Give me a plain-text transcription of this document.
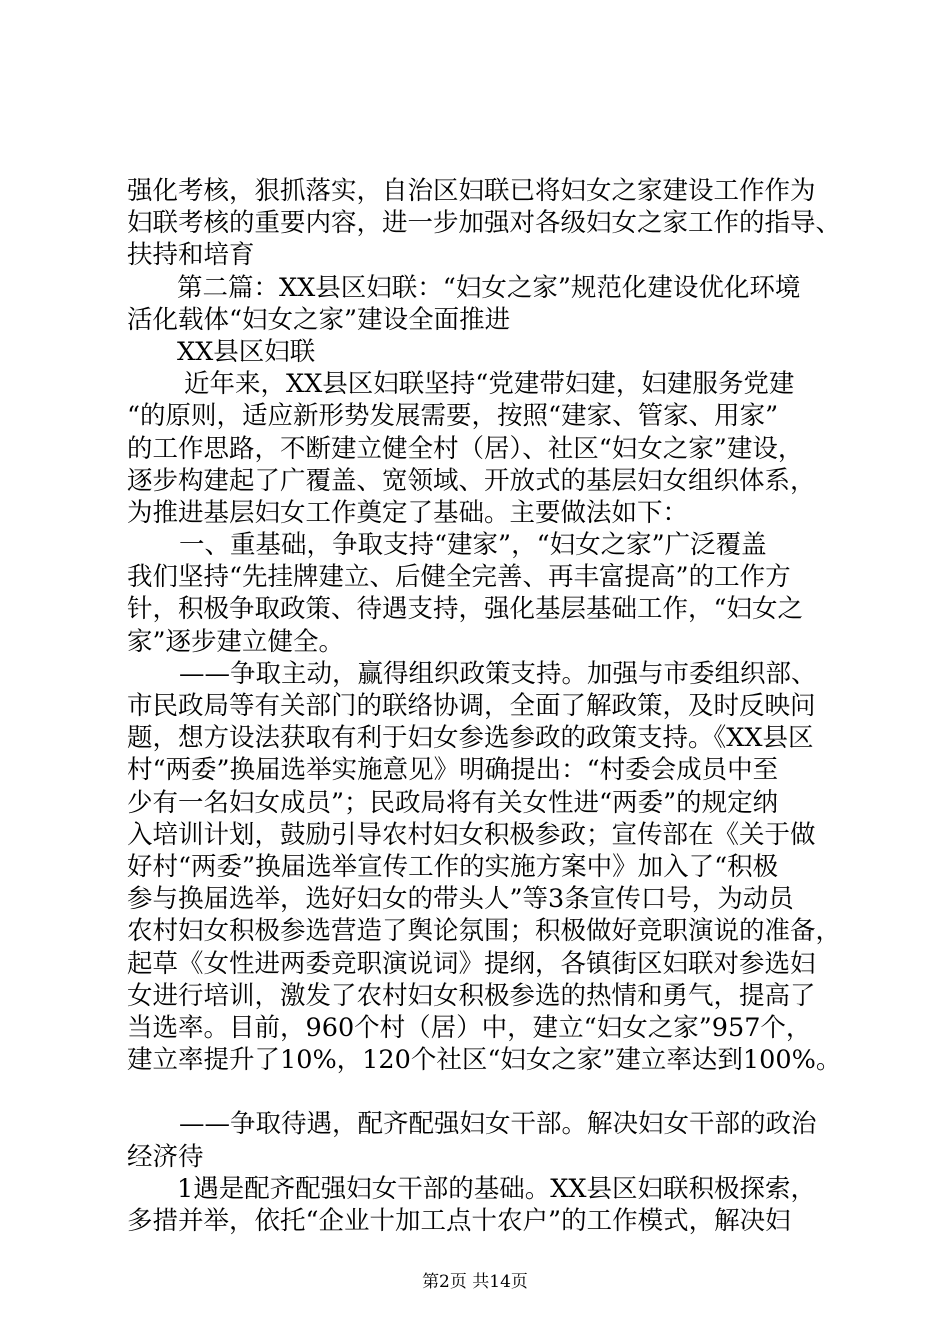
强化考核，狠抓落实，自治区妇联已将妇女之家建设工作作为
妇联考核的重要内容，进一步加强对各级妇女之家工作的指导、
扶持和培育
第二篇：XX县区妇联：“妇女之家”规范化建设优化环境
活化载体“妇女之家”建设全面推进
XX县区妇联
近年来，XX县区妇联坚持“党建带妇建，妇建服务党建
“的原则，适应新形势发展需要，按照“建家、管家、用家”
的工作思路，不断建立健全村（居）、社区“妇女之家”建设，
逐步构建起了广覆盖、宽领域、开放式的基层妇女组织体系，
为推进基层妇女工作奠定了基础。主要做法如下：
一、重基础，争取支持“建家”，“妇女之家”广泛覆盖
我们坚持“先挂牌建立、后健全完善、再丰富提高”的工作方
针，积极争取政策、待遇支持，强化基层基础工作，“妇女之
家”逐步建立健全。
——争取主动，赢得组织政策支持。加强与市委组织部、
市民政局等有关部门的联络协调，全面了解政策，及时反映问
题，想方设法获取有利于妇女参选参政的政策支持。《XX县区
村“两委”换届选举实施意见》明确提出：“村委会成员中至
少有一名妇女成员”；民政局将有关女性进“两委”的规定纳
入培训计划，鼓励引导农村妇女积极参政；宣传部在《关于做
好村“两委”换届选举宣传工作的实施方案中》加入了“积极
参与换届选举，选好妇女的带头人”等3条宣传口号，为动员
农村妇女积极参选营造了舆论氛围；积极做好竞职演说的准备，
起草《女性进两委竞职演说词》提纲，各镇街区妇联对参选妇
女进行培训，激发了农村妇女积极参选的热情和勇气，提高了
当选率。目前，960个村（居）中，建立“妇女之家”957个，
建立率提升了10%，120个社区“妇女之家”建立率达到100%。
——争取待遇，配齐配强妇女干部。解决妇女干部的政治
经济待
1遇是配齐配强妇女干部的基础。XX县区妇联积极探索，
多措并举，依托“企业十加工点十农户”的工作模式，解决妇
第2页 共14页
